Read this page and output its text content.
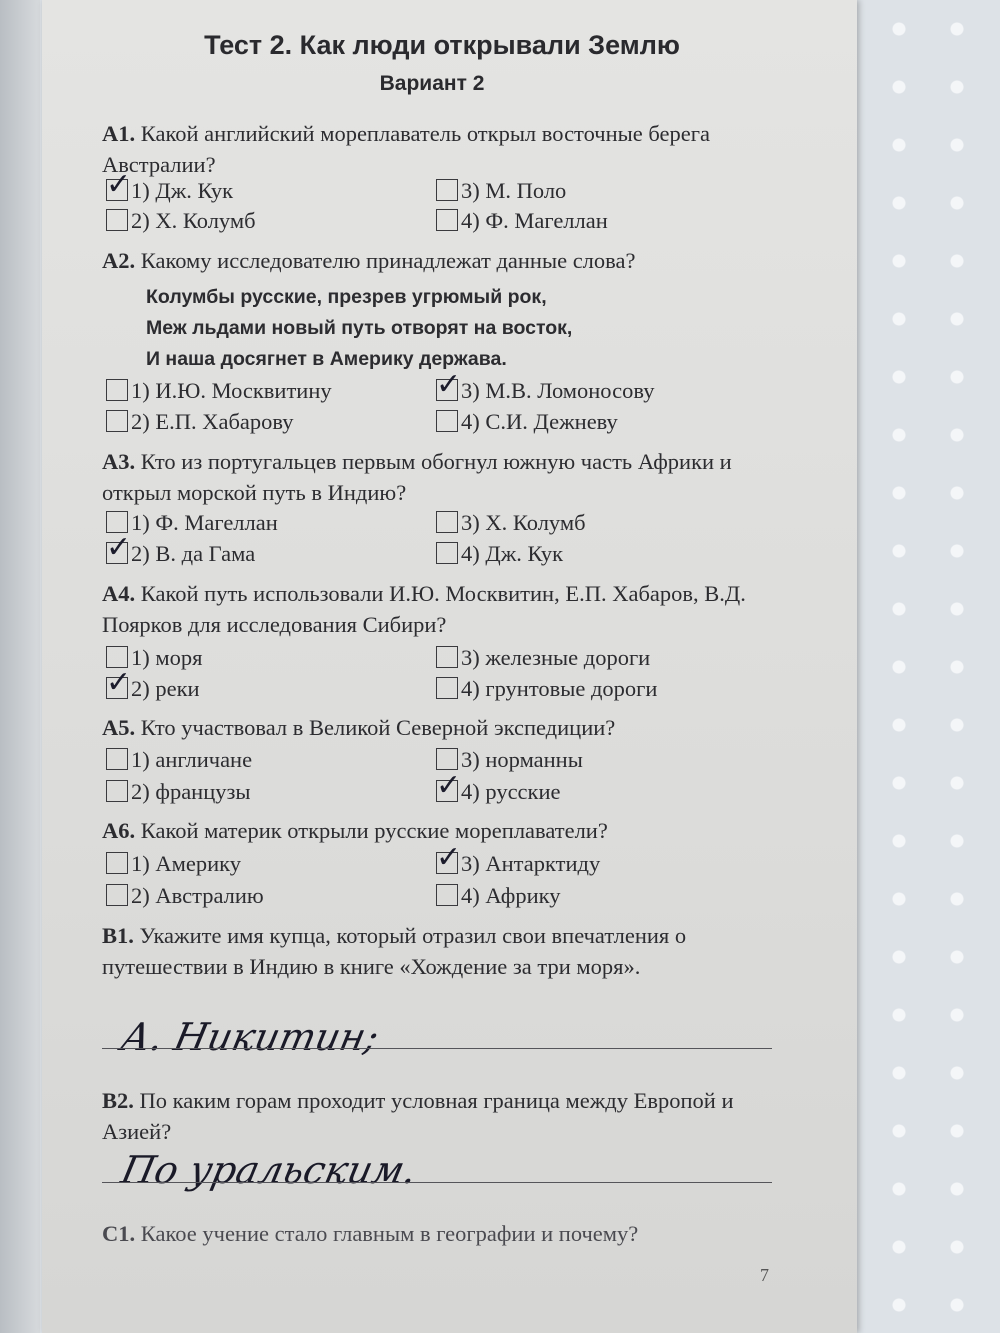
Тест 2. Как люди открывали Землю
Вариант 2
А1. Какой английский мореплаватель открыл восточные берега Австралии?
✓ 1) Дж. Кук	3) М. Поло
2) Х. Колумб	4) Ф. Магеллан
А2. Какому исследователю принадлежат данные слова?
Колумбы русские, презрев угрюмый рок,
Меж льдами новый путь отворят на восток,
И наша досягнет в Америку держава.
1) И.Ю. Москвитину	✓ 3) М.В. Ломоносову
2) Е.П. Хабарову	4) С.И. Дежневу
А3. Кто из португальцев первым обогнул южную часть Африки и открыл морской путь в Индию?
1) Ф. Магеллан	3) Х. Колумб
✓ 2) В. да Гама	4) Дж. Кук
А4. Какой путь использовали И.Ю. Москвитин, Е.П. Хабаров, В.Д. Поярков для исследования Сибири?
1) моря	3) железные дороги
✓ 2) реки	4) грунтовые дороги
А5. Кто участвовал в Великой Северной экспедиции?
1) англичане	3) норманны
2) французы	✓ 4) русские
А6. Какой материк открыли русские мореплаватели?
1) Америку	✓ 3) Антарктиду
2) Австралию	4) Африку
В1. Укажите имя купца, который отразил свои впечатления о путешествии в Индию в книге «Хождение за три моря».
А. Никитин;
В2. По каким горам проходит условная граница между Европой и Азией?
По уральским.
С1. Какое учение стало главным в географии и почему?
7
